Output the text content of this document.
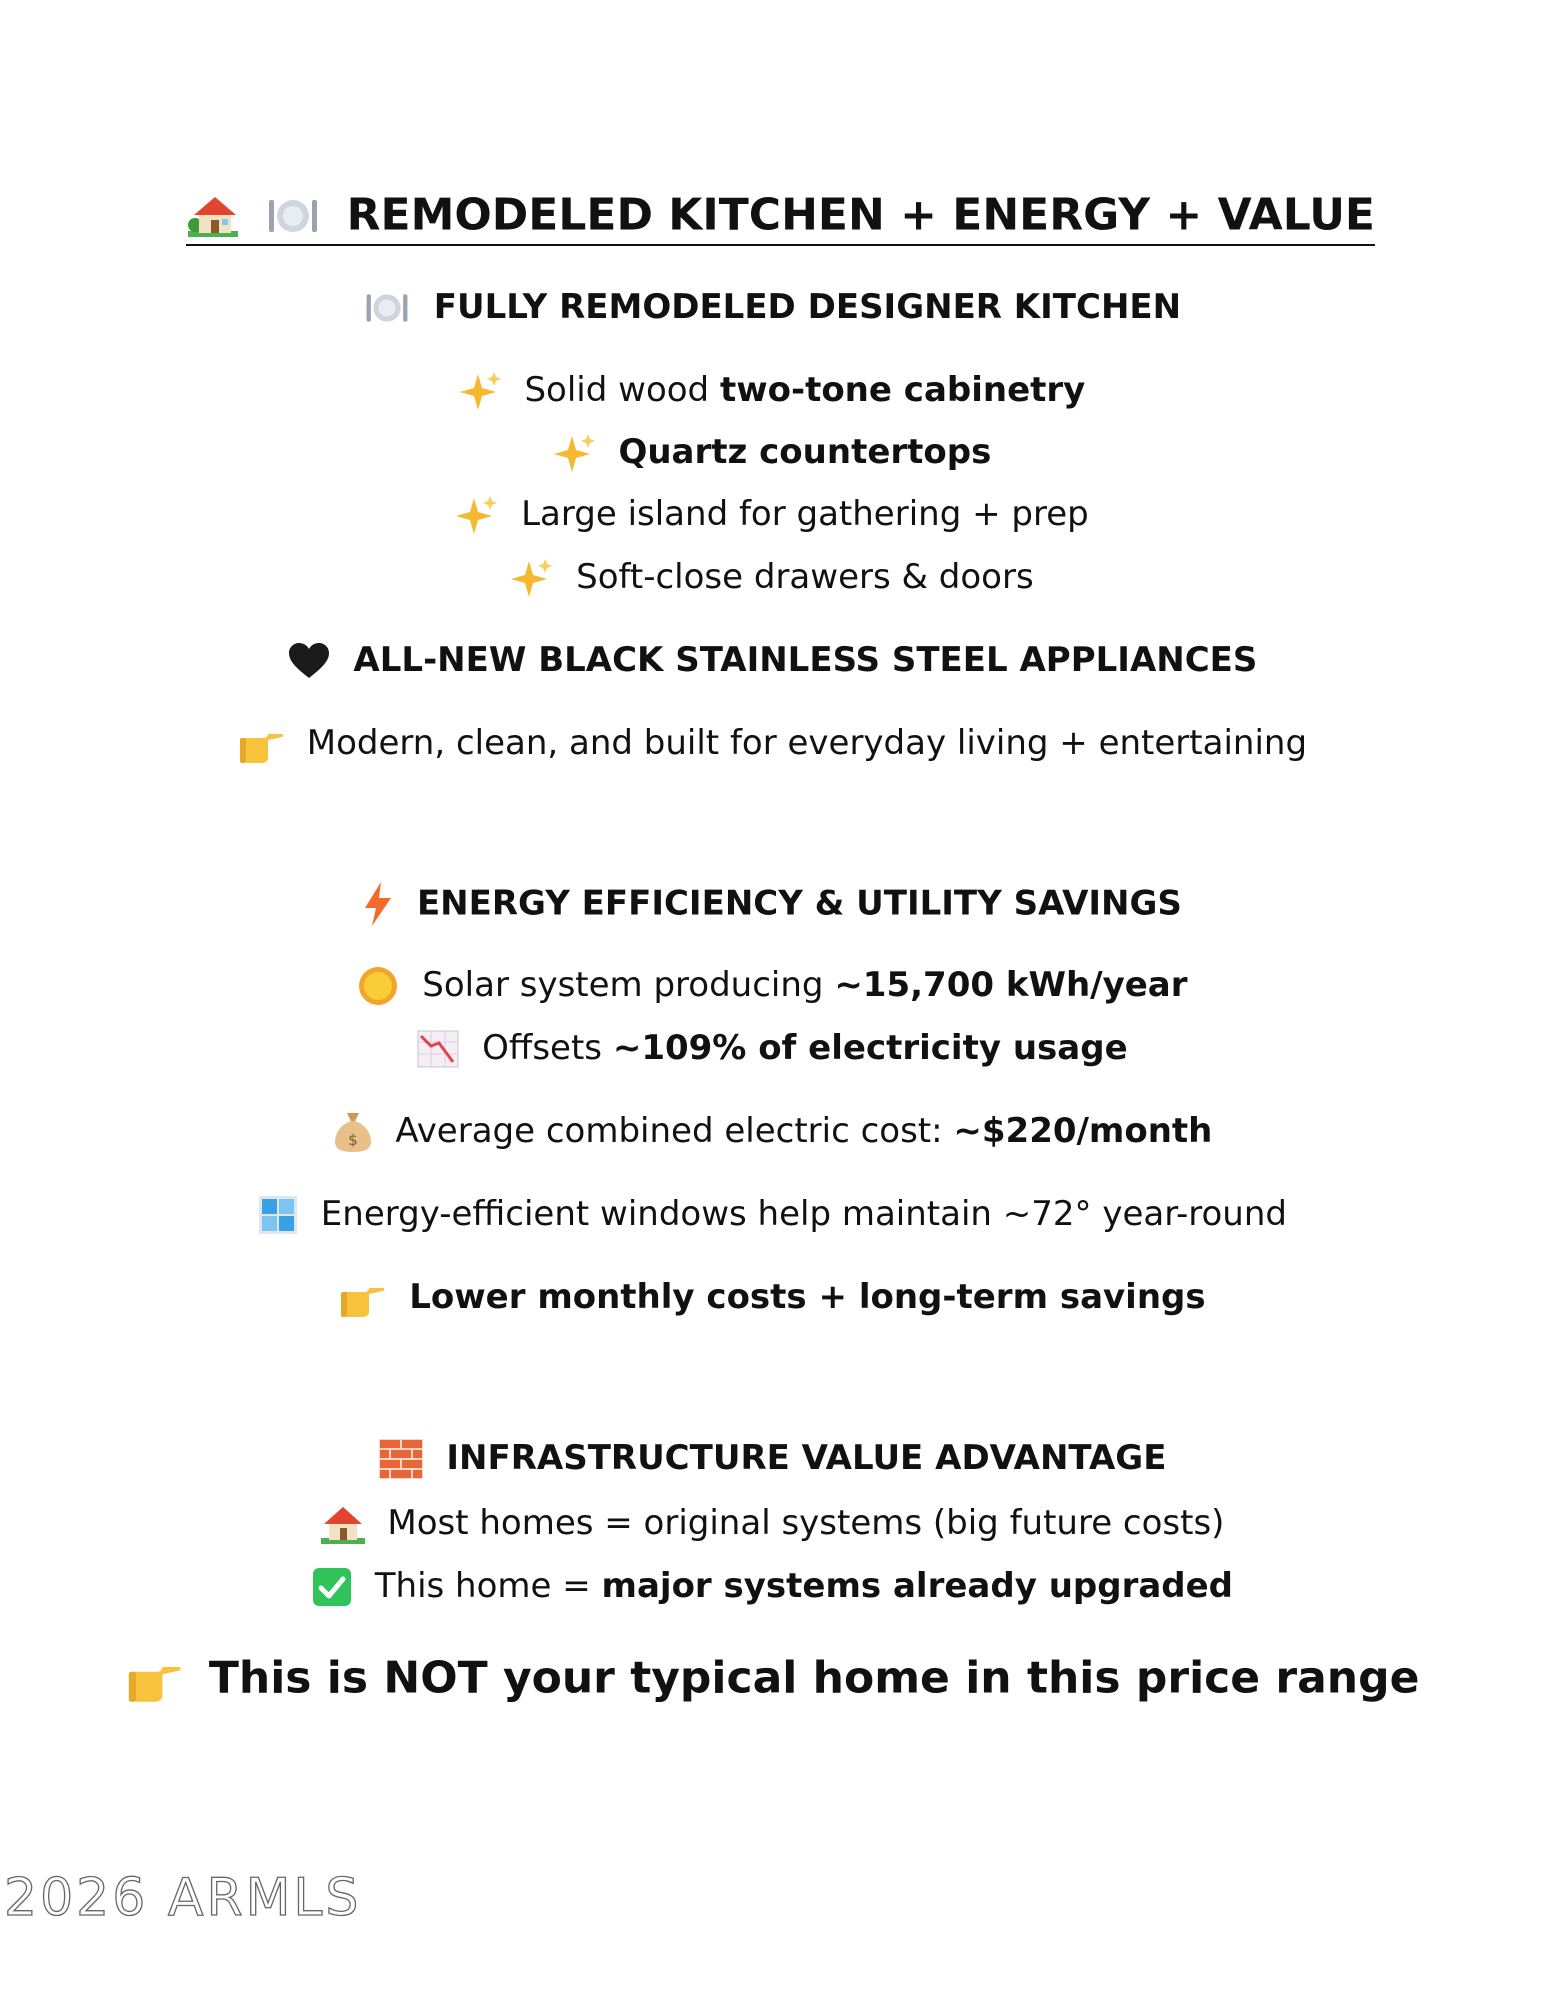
REMODELED KITCHEN + ENERGY + VALUE
FULLY REMODELED DESIGNER KITCHEN
Solid wood two-tone cabinetry
Quartz countertops
Large island for gathering + prep
Soft-close drawers & doors
ALL-NEW BLACK STAINLESS STEEL APPLIANCES
Modern, clean, and built for everyday living + entertaining
ENERGY EFFICIENCY & UTILITY SAVINGS
Solar system producing ~15,700 kWh/year
Offsets ~109% of electricity usage
$ Average combined electric cost: ~$220/month
Energy-efficient windows help maintain ~72° year-round
Lower monthly costs + long-term savings
INFRASTRUCTURE VALUE ADVANTAGE
Most homes = original systems (big future costs)
This home = major systems already upgraded
This is NOT your typical home in this price range
2026 ARMLS
